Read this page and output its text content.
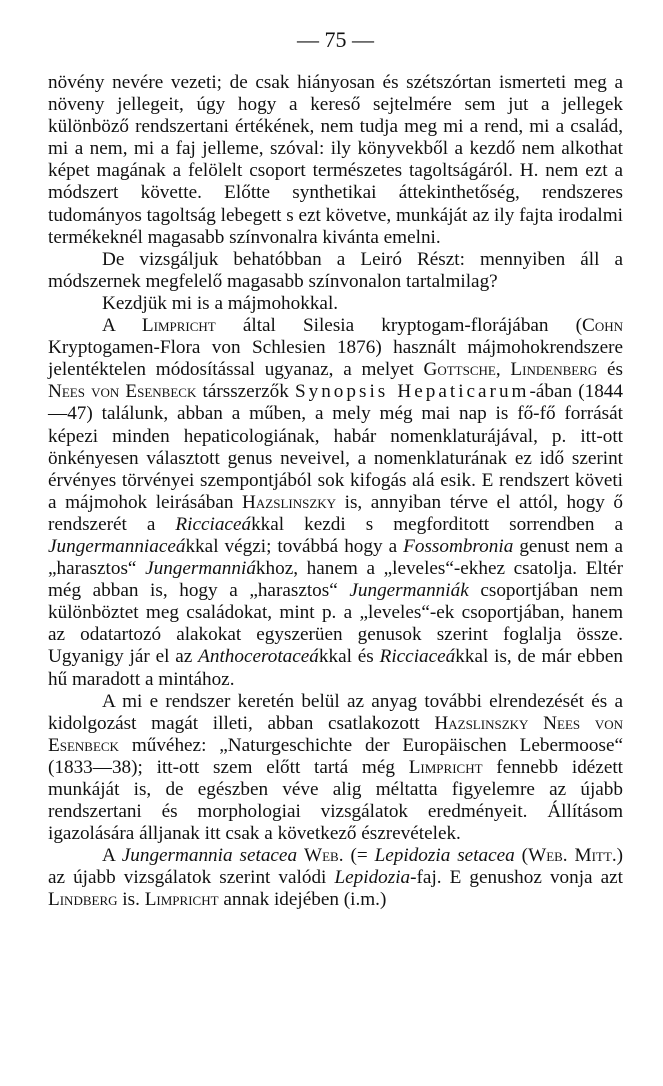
— 75 —

növény nevére vezeti; de csak hiányosan és szétszórtan ismerteti meg a növeny jellegeit, úgy hogy a kereső sejtelmére sem jut a jellegek különböző rendszertani értékének, nem tudja meg mi a rend, mi a család, mi a nem, mi a faj jelleme, szóval: ily könyvekből a kezdő nem alkothat képet magának a felölelt csoport természetes tagoltságáról. H. nem ezt a módszert követte. Előtte synthetikai áttekinthetőség, rendszeres tudományos tagoltság lebegett s ezt követve, munkáját az ily fajta irodalmi termékeknél magasabb színvonalra kivánta emelni.

De vizsgáljuk behatóbban a Leiró Részt: mennyiben áll a módszernek megfelelő magasabb színvonalon tartalmilag?

Kezdjük mi is a májmohokkal.

A Limpricht által Silesia kryptogam-florájában (Cohn Kryptogamen-Flora von Schlesien 1876) használt májmohokrendszere jelentéktelen módosítással ugyanaz, a melyet Gottsche, Lindenberg és Nees von Esenbeck társszerzők Synopsis Hepaticarum-ában (1844—47) találunk, abban a műben, a mely még mai nap is fő-fő forrását képezi minden hepaticologiának, habár nomenklaturájával, p. itt-ott önkényesen választott genus neveivel, a nomenklaturának ez idő szerint érvényes törvényei szempontjából sok kifogás alá esik. E rendszert követi a májmohok leirásában Hazslinszky is, annyiban térve el attól, hogy ő rendszerét a Ricciaceákkal kezdi s megforditott sorrendben a Jungermanniaceákkal végzi; továbbá hogy a Fossombronia genust nem a „harasztos“ Jungermanniákhoz, hanem a „leveles“-ekhez csatolja. Eltér még abban is, hogy a „harasztos“ Jungermanniák csoportjában nem különböztet meg családokat, mint p. a „leveles“-ek csoportjában, hanem az odatartozó alakokat egyszerüen genusok szerint foglalja össze. Ugyanigy jár el az Anthocerotaceákkal és Ricciaceákkal is, de már ebben hű maradott a mintához.

A mi e rendszer keretén belül az anyag további elrendezését és a kidolgozást magát illeti, abban csatlakozott Hazslinszky Nees von Esenbeck művéhez: „Naturgeschichte der Europäischen Lebermoose“ (1833—38); itt-ott szem előtt tartá még Limpricht fennebb idézett munkáját is, de egészben véve alig méltatta figyelemre az újabb rendszertani és morphologiai vizsgálatok eredményeit. Állításom igazolására álljanak itt csak a következő észrevételek.

A Jungermannia setacea Web. (= Lepidozia setacea (Web. Mitt.) az újabb vizsgálatok szerint valódi Lepidozia-faj. E genushoz vonja azt Lindberg is. Limpricht annak idejében (i.m.)
